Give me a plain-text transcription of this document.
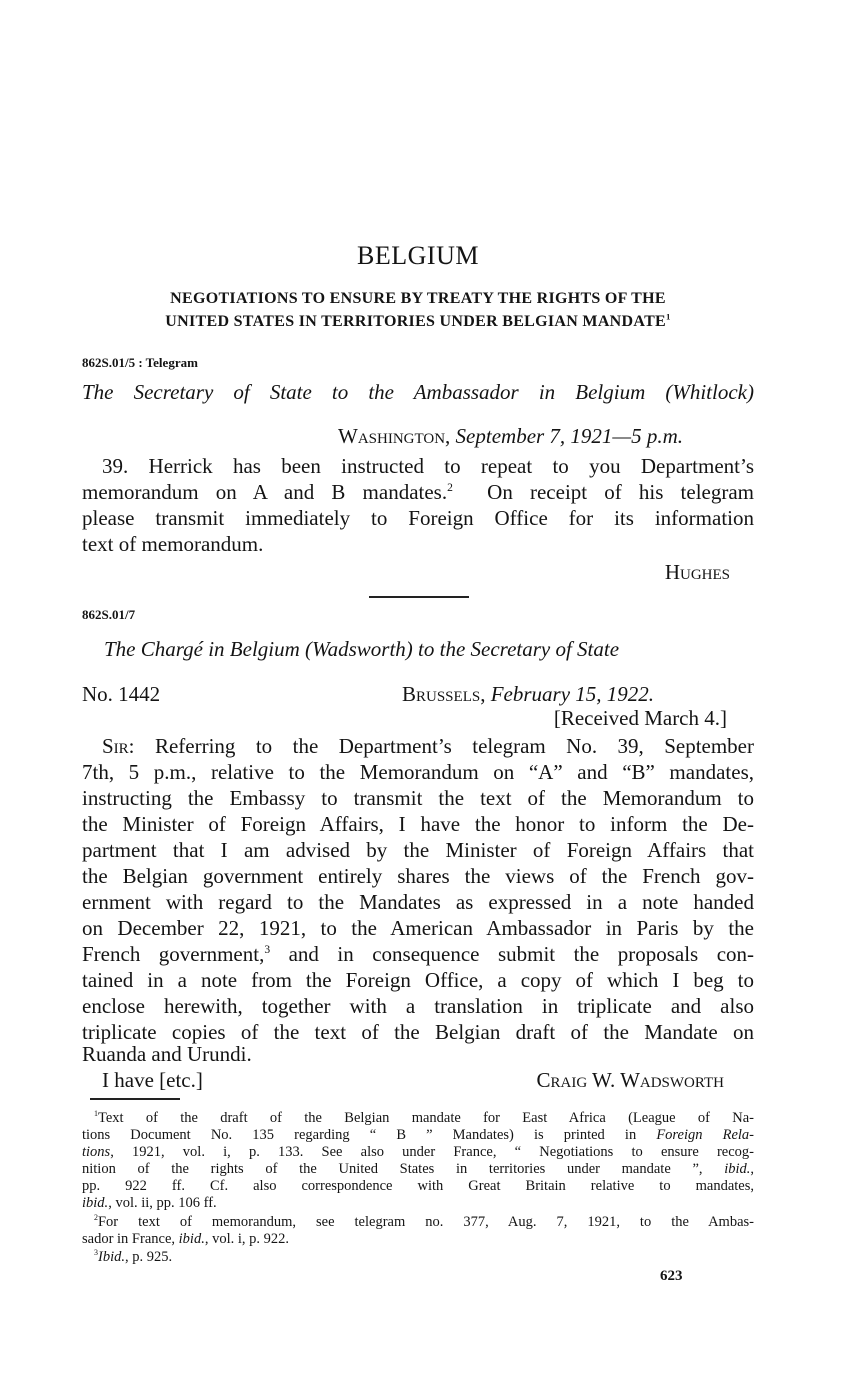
BELGIUM
NEGOTIATIONS TO ENSURE BY TREATY THE RIGHTS OF THE
UNITED STATES IN TERRITORIES UNDER BELGIAN MANDATE$^1$
862S.01/5 : Telegram
The Secretary of State to the Ambassador in Belgium (Whitlock)
Washington, September 7, 1921—5 p.m.
39. Herrick has been instructed to repeat to you Department’s
memorandum on A and B mandates.$^2$ On receipt of his telegram
please transmit immediately to Foreign Office for its information
text of memorandum.
Hughes
862S.01/7
The Chargé in Belgium (Wadsworth) to the Secretary of State
No. 1442	Brussels, February 15, 1922.
[Received March 4.]
Sir: Referring to the Department’s telegram No. 39, September
7th, 5 p.m., relative to the Memorandum on “A” and “B” mandates,
instructing the Embassy to transmit the text of the Memorandum to
the Minister of Foreign Affairs, I have the honor to inform the De-
partment that I am advised by the Minister of Foreign Affairs that
the Belgian government entirely shares the views of the French gov-
ernment with regard to the Mandates as expressed in a note handed
on December 22, 1921, to the American Ambassador in Paris by the
French government,$^3$ and in consequence submit the proposals con-
tained in a note from the Foreign Office, a copy of which I beg to
enclose herewith, together with a translation in triplicate and also
triplicate copies of the text of the Belgian draft of the Mandate on
Ruanda and Urundi.
I have [etc.]	Craig W. Wadsworth
$^1$Text of the draft of the Belgian mandate for East Africa (League of Na-
tions Document No. 135 regarding “ B ” Mandates) is printed in Foreign Rela-
tions, 1921, vol. i, p. 133. See also under France, “ Negotiations to ensure recog-
nition of the rights of the United States in territories under mandate ”, ibid.,
pp. 922 ff. Cf. also correspondence with Great Britain relative to mandates,
ibid., vol. ii, pp. 106 ff.
$^2$For text of memorandum, see telegram no. 377, Aug. 7, 1921, to the Ambas-
sador in France, ibid., vol. i, p. 922.
$^3$Ibid., p. 925.
623
